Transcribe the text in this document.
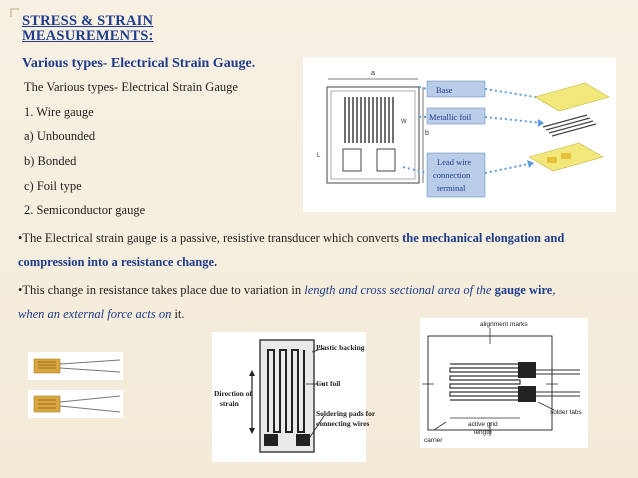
STRESS & STRAIN
MEASUREMENTS:

Various types- Electrical Strain Gauge.

The Various types- Electrical Strain Gauge
1. Wire gauge
a) Unbounded
b) Bonded
c) Foil type
2. Semiconductor gauge

•The Electrical strain gauge is a passive, resistive transducer which converts the mechanical elongation and compression into a resistance change.

•This change in resistance takes place due to variation in length and cross sectional area of the gauge wire, when an external force acts on it.

a
W
b
L
Base
Metallic foil
Lead wire
connection
terminal
Plastic backing
Cut foil
Soldering pads for
connecting wires
Direction of
strain
alignment marks
solder tabs
active grid
length
carrier
